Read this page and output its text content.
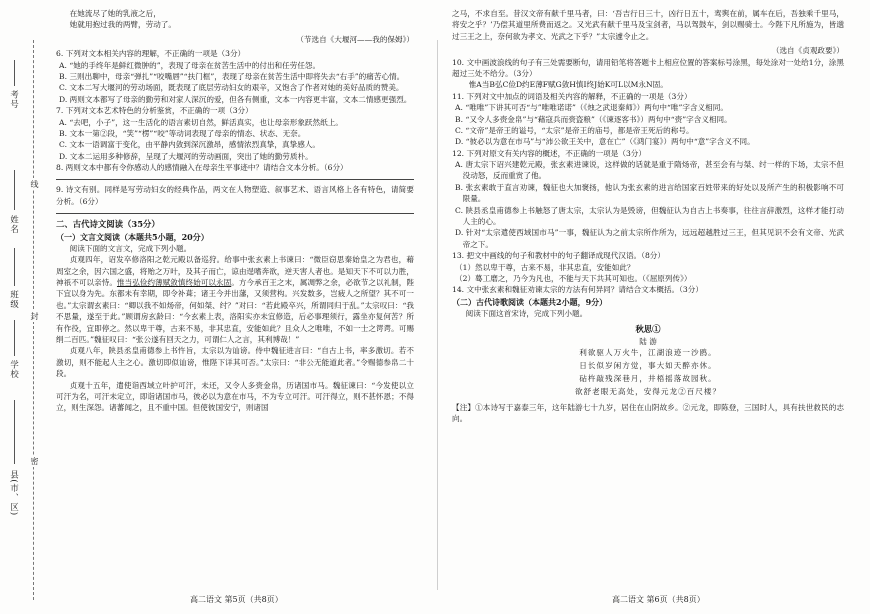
考号
姓名
班级
学校
县(市、区)
密
封
线
在她流尽了她的乳液之后，
她就用抱过我的两臂，劳动了。
（节选自《大堰河——我的保姆》）
6. 下列对文本相关内容的理解，不正确的一项是（3分）
A. “她的手终年是鲜红微肿的”，表现了母亲在贫苦生活中的付出和任劳任怨。
B. 三则出聊中，母亲“弹扎”“咬嘴唇”“扶门框”，表现了母亲在贫苦生活中即将失去“右手”的痛苦心情。
C. 文本二写大堰河的劳动场面，既表现了底层劳动妇女的艰辛，又饱含了作者对她的美好品质的赞美。
D. 两则文本都写了母亲的勤劳和对家人深沉的爱，但各有侧重，文本一内容更丰富，文本二情感更强烈。
7. 下列对文本艺术特色的分析鉴赏，不正确的一项（3分）
A. “去吧，小子”，这一生活化的语言素切自然，鲜活真实，也让母亲形象跃然纸上。
B. 文本一第②段，“笑”“楞”“咬”等动词表现了母亲的情态、状态、无奈。
C. 文本一语调富于变化，由平静内敛到深沉激昂，感情浓烈真挚，真挚感人。
D. 文本二运用多种修辞，呈现了大堰河的劳动画面，突出了她的勤劳质朴。
8. 两则文本中都有令你感动人的感情融入在母亲生平事迹中？请结合文本分析。（6分）
9. 诗文有别。同样是写劳动妇女的经典作品，两文在人物塑造、叙事艺术、语言风格上各有特色，请简要分析。（6分）
二、古代诗文阅读（35分）
（一）文言文阅读（本题共5小题，20分）
阅读下面的文言文，完成下列小题。
贞观四年，诏发卒修洛阳之乾元殿以备巡狩。给事中张玄素上书谏曰：“微臣窃思秦始皇之为君也，藉周室之余，因六国之盛，将贻之万叶，及其子而亡，谅由逞嗜奔欲，逆天害人者也。是知天下不可以力胜，神祇不可以亲恃。惟当弘俭约薄赋敛慎终始可以永固。方今承百王之末，属凋弊之余，必欲节之以礼制，陛下宜以身为先。东都未有幸期，即令补葺；诸王今并出藩，又须营构。兴发数多，岂疲人之所望？其不可一也。”太宗谓玄素曰：“卿以我不如炀帝，何如桀、纣？”对曰：“若此殿卒兴，所谓同归于乱。”太宗叹曰：“我不思量，遂至于此。”顾谓房玄龄曰：“今玄素上表，洛阳实亦未宜修造，后必事理须行，露坐亦复何苦？所有作役，宜即停之。然以卑干尊，古来不易，非其忠直，安能如此？且众人之唯唯，不如一士之谔谔。可赐绢二百匹。”魏征叹曰：“张公遂有回天之力，可谓仁人之言，其利博哉！”
贞观八年，陕县丞皇甫德参上书忤旨，太宗以为讪谤。侍中魏征进言曰：“自古上书，率多激切。若不激切，则不能起人主之心。激切即似讪谤，惟陛下详其可否。”太宗曰：“非公无能道此者。”令赐德参帛二十段。
贞观十五年，遣使诣西域立叶护可汗，未还，又令人多赍金帛，历诸国市马。魏征谏曰：“今发使以立可汗为名，可汗未定立，即诣诸国市马，彼必以为意在市马，不为专立可汗。可汗得立，则不甚怀恩；不得立，则生深怨。诸蕃闻之，且不重中国。但使彼国安宁，则诸国
之马，不求自至。昔汉文帝有献千里马者，曰：‘吾吉行日三十，凶行日五十，鸾舆在前，属车在后，吾独乘千里马，将安之乎？’乃偿其道里所费而返之。又光武有献千里马及宝剑者，马以驾鼓车，剑以赐骑士。今陛下凡所施为，皆邈过三王之上，奈何欲为孝文、光武之下乎？”太宗遽令止之。
（选自《贞观政要》）
10. 文中画波浪线的句子有三处需要断句，请用铅笔将答题卡上相应位置的答案标号涂黑，每处涂对一处给1分，涂黑超过三处不给分。（3分）
惟A当B弘C俭D约E薄F赋G敛H慎I终J始K可L以M永N固。
11. 下列对文中加点的词语及相关内容的解释，不正确的一项是（3分）
A. “唯唯”下讲其可否“与”唯唯诺诺”（《烛之武退秦师》）两句中“唯”字含义相同。
B. “又令人多赍金帛”与“藉寇兵而赍盗粮”（《谏逐客书》）两句中“赍”字含义相同。
C. “文帝”是帝王的谥号，“太宗”是帝王的庙号，都是帝王死后的称号。
D. “彼必以为意在市马”与“沛公欲王关中，意在亡”（《鸿门宴》）两句中“意”字含义不同。
12. 下列对原文有关内容的概述，不正确的一项是（3分）
A. 唐太宗下诏兴建乾元殿，张玄素进谏说，这样做的话就是重于隋炀帝，甚至会有与桀、纣一样的下场，太宗不但没动怒，反而重赏了他。
B. 张玄素敢于直言劝谏，魏征也大加褒扬，他认为张玄素的进言给国家百姓带来的好处以及所产生的积极影响不可限量。
C. 陕县丞皇甫德参上书触怒了唐太宗，太宗认为是毁谤，但魏征认为自古上书奏事，往往言辞激烈，这样才能打动人主的心。
D. 针对“太宗遣使西域国市马”一事，魏征认为之前太宗所作所为，远远超越胜过三王，但其见识不会有文帝、光武帝之下。
13. 把文中画线的句子和教材中的句子翻译成现代汉语。（8分）
（1）然以卑干尊，古来不易，非其忠直，安能如此？
（2）蓦工磨之，乃今为凡也，不能与天下共其可知也。（《屈原列传》）
14. 文中张玄素和魏征劝谏太宗的方法有何异同？请结合文本概括。（3分）
（二）古代诗歌阅读（本题共2小题，9分）
阅读下面这首宋诗，完成下列小题。
秋思①
陆 游
利欲驱人万火牛，江湖浪迹一沙鸥。
日长似岁闲方觉，事大如天醉亦休。
砧杵敲残深巷月，井梧摇落故园秋。
欲舒老眼无高处，安得元龙②百尺楼？
【注】①本诗写于嘉泰三年，这年陆游七十九岁，居住在山阴故乡。②元龙，即陈登，三国时人，具有扶世救民的志向。
高二语文 第5页（共8页）	高二语文 第6页（共8页）
